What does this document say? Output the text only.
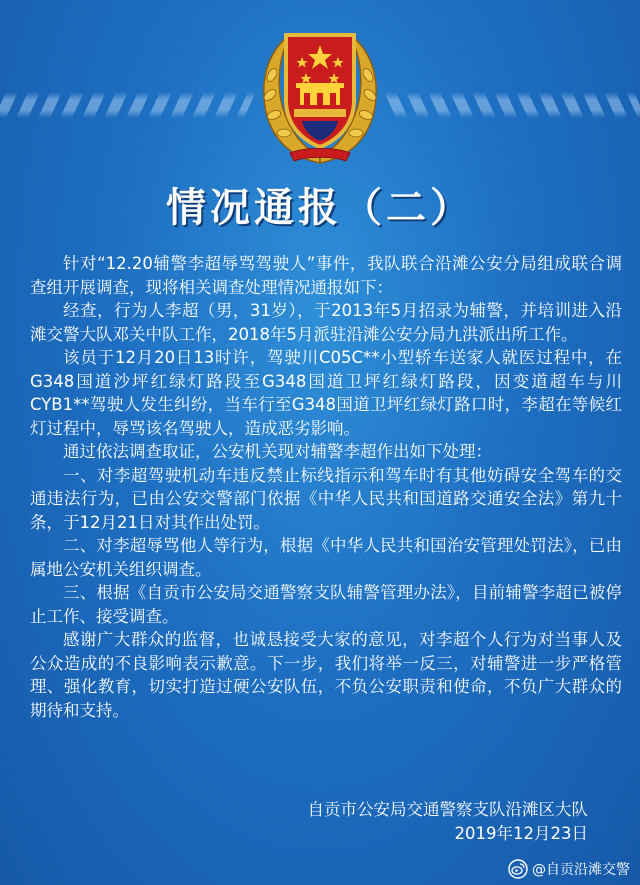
情况通报（二）

针对“12.20辅警李超辱骂驾驶人”事件，我队联合沿滩公安分局组成联合调查组开展调查，现将相关调查处理情况通报如下：

经查，行为人李超（男，31岁），于2013年5月招录为辅警，并培训进入沿滩交警大队邓关中队工作，2018年5月派驻沿滩公安分局九洪派出所工作。

该员于12月20日13时许，驾驶川C05C**小型轿车送家人就医过程中，在G348国道沙坪红绿灯路段至G348国道卫坪红绿灯路段，因变道超车与川CYB1**驾驶人发生纠纷，当车行至G348国道卫坪红绿灯路口时，李超在等候红灯过程中，辱骂该名驾驶人，造成恶劣影响。

通过依法调查取证，公安机关现对辅警李超作出如下处理：

一、对李超驾驶机动车违反禁止标线指示和驾车时有其他妨碍安全驾车的交通违法行为，已由公安交警部门依据《中华人民共和国道路交通安全法》第九十条，于12月21日对其作出处罚。

二、对李超辱骂他人等行为，根据《中华人民共和国治安管理处罚法》，已由属地公安机关组织调查。

三、根据《自贡市公安局交通警察支队辅警管理办法》，目前辅警李超已被停止工作、接受调查。

感谢广大群众的监督，也诚恳接受大家的意见，对李超个人行为对当事人及公众造成的不良影响表示歉意。下一步，我们将举一反三，对辅警进一步严格管理、强化教育，切实打造过硬公安队伍，不负公安职责和使命，不负广大群众的期待和支持。

自贡市公安局交通警察支队沿滩区大队
2019年12月23日
@自贡沿滩交警
